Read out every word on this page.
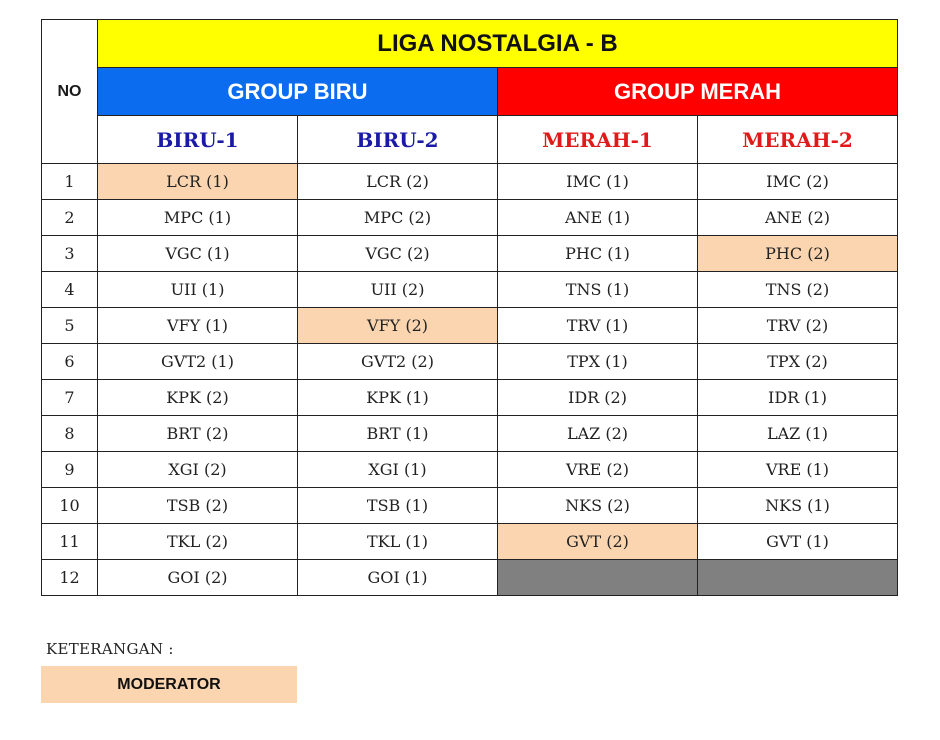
NO	LIGA NOSTALGIA - B			
	GROUP BIRU		GROUP MERAH	
	BIRU-1	BIRU-2	MERAH-1	MERAH-2
1	LCR (1)	LCR (2)	IMC (1)	IMC (2)
2	MPC (1)	MPC (2)	ANE (1)	ANE (2)
3	VGC (1)	VGC (2)	PHC (1)	PHC (2)
4	UII (1)	UII (2)	TNS (1)	TNS (2)
5	VFY (1)	VFY (2)	TRV (1)	TRV (2)
6	GVT2 (1)	GVT2 (2)	TPX (1)	TPX (2)
7	KPK (2)	KPK (1)	IDR (2)	IDR (1)
8	BRT (2)	BRT (1)	LAZ (2)	LAZ (1)
9	XGI (2)	XGI (1)	VRE (2)	VRE (1)
10	TSB (2)	TSB (1)	NKS (2)	NKS (1)
11	TKL (2)	TKL (1)	GVT (2)	GVT (1)
12	GOI (2)	GOI (1)		
KETERANGAN :
MODERATOR
